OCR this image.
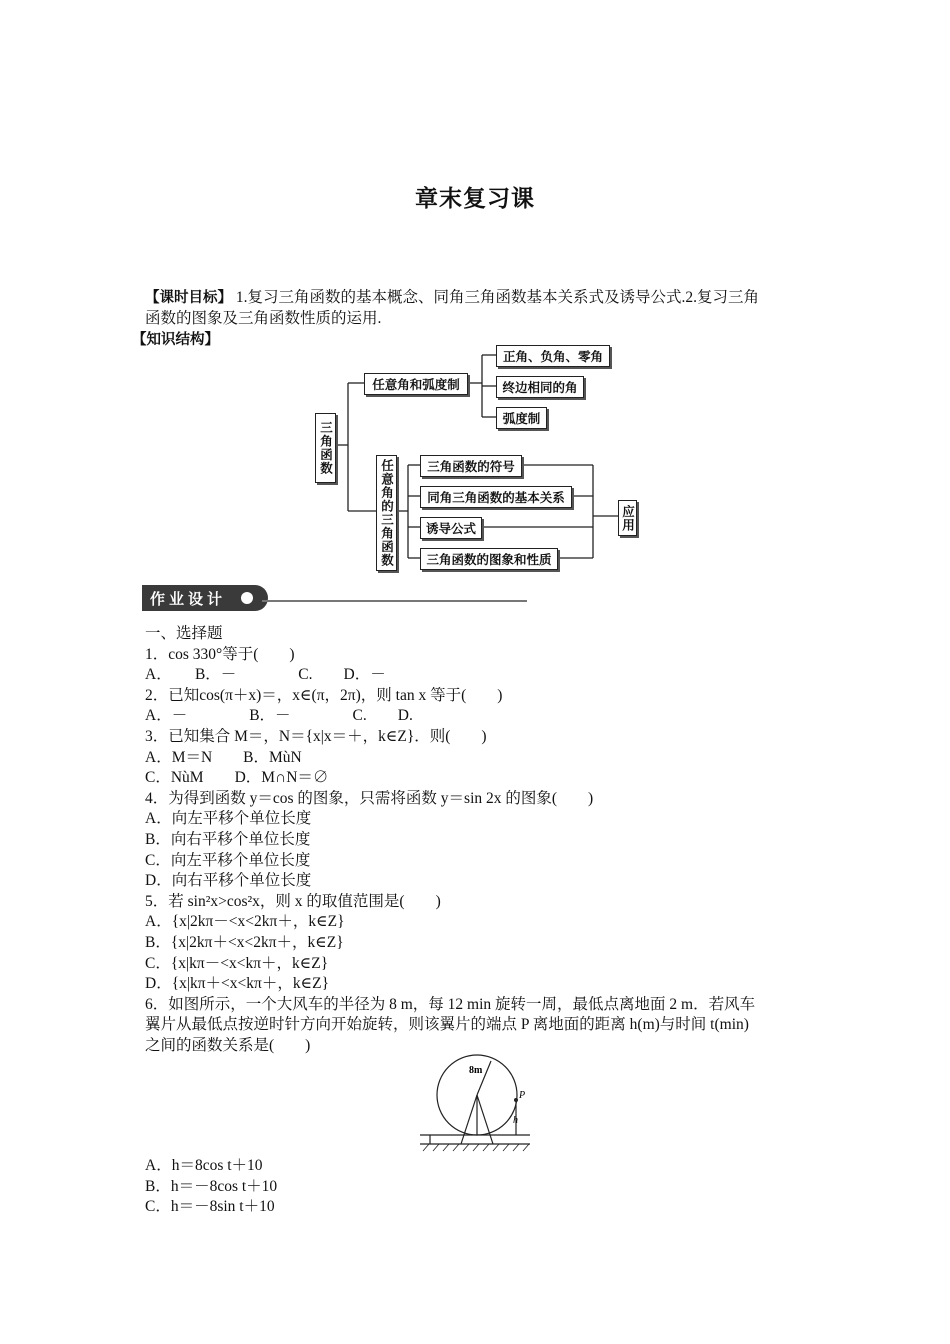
章末复习课
【课时目标】 1.复习三角函数的基本概念、同角三角函数基本关系式及诱导公式.2.复习三角
函数的图象及三角函数性质的运用.
【知识结构】
三角函数
任意角和弧度制
正角、负角、零角
终边相同的角
弧度制
任意角的三角函数	三角函数的符号
同角三角函数的基本关系
诱导公式
三角函数的图象和性质
应用
作业设计
一、选择题
1．cos 330°等于(　　)
A．　　B．－　　　　C.　　D．－
2．已知cos(π＋x)＝，x∈(π，2π)，则 tan x 等于(　　)
A．－　　　　B．－　　　　C.　　D.
3．已知集合 M＝，N＝{x|x＝＋，k∈Z}．则(　　)
A．M＝N　　B．MùN
C．NùM　　D．M∩N＝∅
4．为得到函数 y＝cos 的图象，只需将函数 y＝sin 2x 的图象(　　)
A．向左平移个单位长度
B．向右平移个单位长度
C．向左平移个单位长度
D．向右平移个单位长度
5．若 sin²x>cos²x，则 x 的取值范围是(　　)
A．{x|2kπ－<x<2kπ＋，k∈Z}
B．{x|2kπ＋<x<2kπ＋，k∈Z}
C．{x|kπ－<x<kπ＋，k∈Z}
D．{x|kπ＋<x<kπ＋，k∈Z}
6．如图所示，一个大风车的半径为 8 m，每 12 min 旋转一周，最低点离地面 2 m．若风车
翼片从最低点按逆时针方向开始旋转，则该翼片的端点 P 离地面的距离 h(m)与时间 t(min)
之间的函数关系是(　　)
8m
P
h
A．h＝8cos t＋10
B．h＝－8cos t＋10
C．h＝－8sin t＋10
